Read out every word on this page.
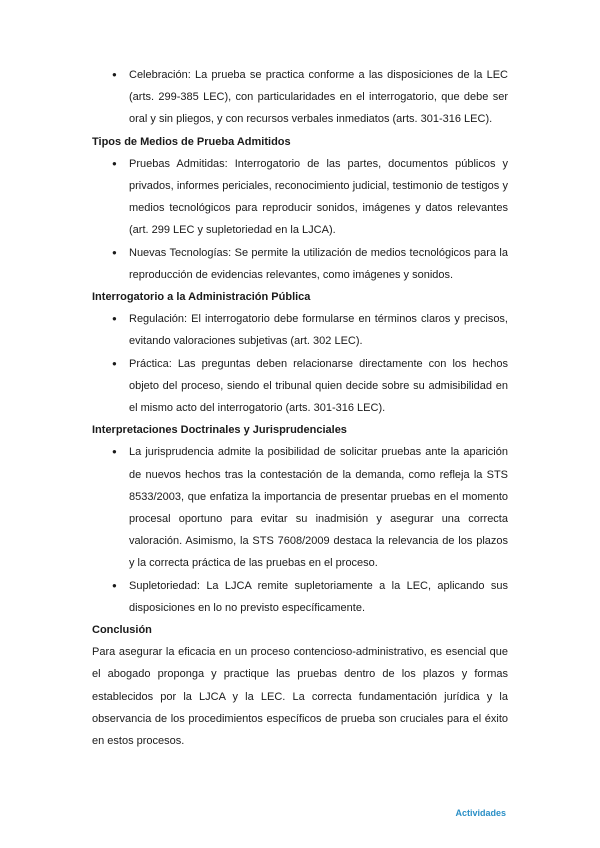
● Celebración: La prueba se practica conforme a las disposiciones de la LEC (arts. 299-385 LEC), con particularidades en el interrogatorio, que debe ser oral y sin pliegos, y con recursos verbales inmediatos (arts. 301-316 LEC).
Tipos de Medios de Prueba Admitidos
● Pruebas Admitidas: Interrogatorio de las partes, documentos públicos y privados, informes periciales, reconocimiento judicial, testimonio de testigos y medios tecnológicos para reproducir sonidos, imágenes y datos relevantes (art. 299 LEC y supletoriedad en la LJCA).
● Nuevas Tecnologías: Se permite la utilización de medios tecnológicos para la reproducción de evidencias relevantes, como imágenes y sonidos.
Interrogatorio a la Administración Pública
● Regulación: El interrogatorio debe formularse en términos claros y precisos, evitando valoraciones subjetivas (art. 302 LEC).
● Práctica: Las preguntas deben relacionarse directamente con los hechos objeto del proceso, siendo el tribunal quien decide sobre su admisibilidad en el mismo acto del interrogatorio (arts. 301-316 LEC).
Interpretaciones Doctrinales y Jurisprudenciales
● La jurisprudencia admite la posibilidad de solicitar pruebas ante la aparición de nuevos hechos tras la contestación de la demanda, como refleja la STS 8533/2003, que enfatiza la importancia de presentar pruebas en el momento procesal oportuno para evitar su inadmisión y asegurar una correcta valoración. Asimismo, la STS 7608/2009 destaca la relevancia de los plazos y la correcta práctica de las pruebas en el proceso.
● Supletoriedad: La LJCA remite supletoriamente a la LEC, aplicando sus disposiciones en lo no previsto específicamente.
Conclusión

Para asegurar la eficacia en un proceso contencioso-administrativo, es esencial que el abogado proponga y practique las pruebas dentro de los plazos y formas establecidos por la LJCA y la LEC. La correcta fundamentación jurídica y la observancia de los procedimientos específicos de prueba son cruciales para el éxito en estos procesos.

Actividades
